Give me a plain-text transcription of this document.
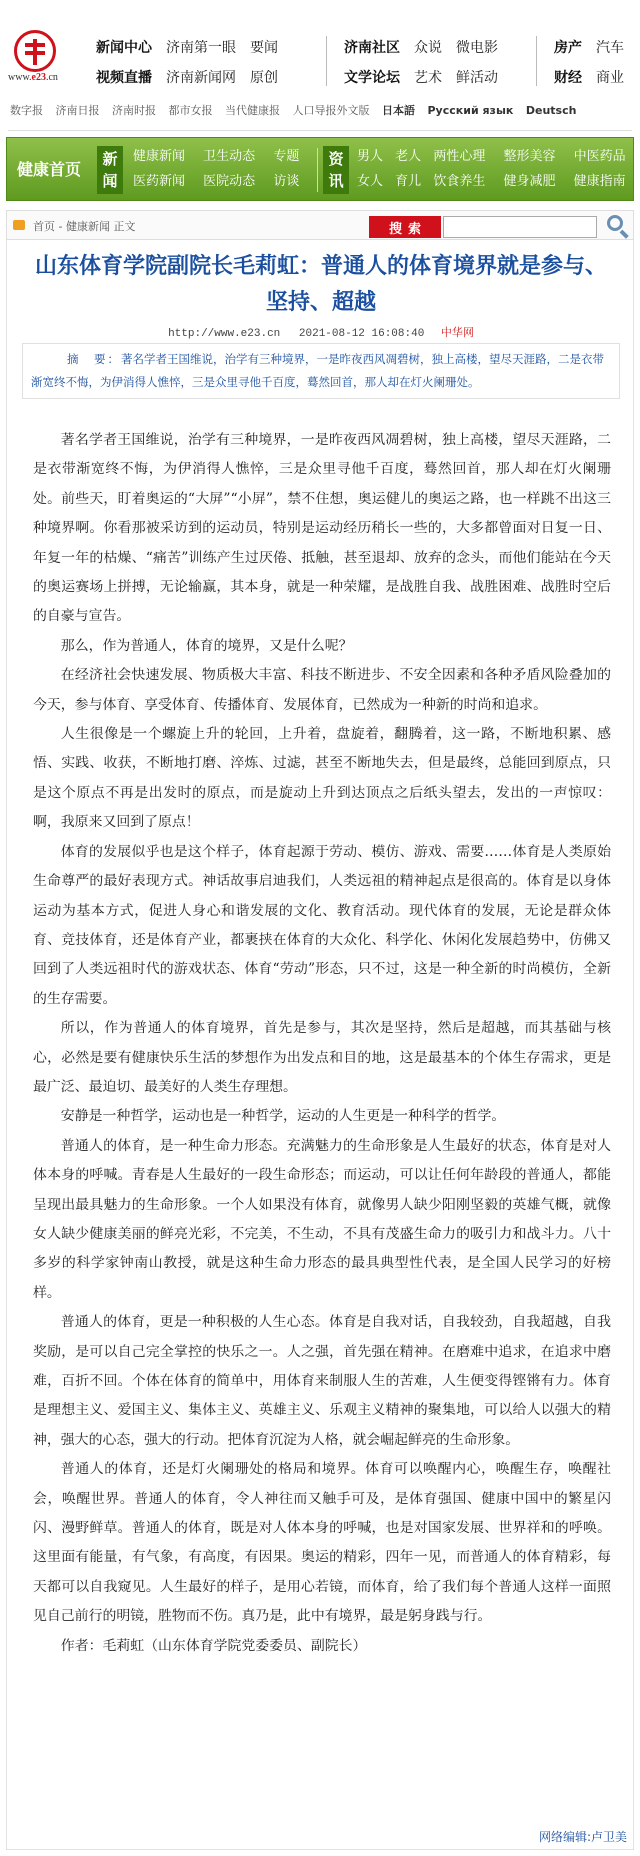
www.e23.cn
新闻中心 济南第一眼 要闻
视频直播 济南新闻网 原创
济南社区 众说 微电影
文学论坛 艺术 鲜活动
房产 汽车
财经 商业
数字报 济南日报 济南时报 都市女报 当代健康报 人口导报外文版 日本語 Русский язык Deutsch
健康首页
新闻
健康新闻 卫生动态 专题
医药新闻 医院动态 访谈
资讯
男人 老人 两性心理 整形美容 中医药品
女人 育儿 饮食养生 健身减肥 健康指南
首页 - 健康新闻 正文	搜索
山东体育学院副院长毛莉虹：普通人的体育境界就是参与、坚持、超越
http://www.e23.cn 2021-08-12 16:08:40 中华网
摘　要：著名学者王国维说，治学有三种境界，一是昨夜西风凋碧树，独上高楼，望尽天涯路，二是衣带渐宽终不悔，为伊消得人憔悴，三是众里寻他千百度，蓦然回首，那人却在灯火阑珊处。

著名学者王国维说，治学有三种境界，一是昨夜西风凋碧树，独上高楼，望尽天涯路，二是衣带渐宽终不悔，为伊消得人憔悴，三是众里寻他千百度，蓦然回首，那人却在灯火阑珊处。前些天，盯着奥运的“大屏”“小屏”，禁不住想，奥运健儿的奥运之路，也一样跳不出这三种境界啊。你看那被采访到的运动员，特别是运动经历稍长一些的，大多都曾面对日复一日、年复一年的枯燥、“痛苦”训练产生过厌倦、抵触，甚至退却、放弃的念头，而他们能站在今天的奥运赛场上拼搏，无论输赢，其本身，就是一种荣耀，是战胜自我、战胜困难、战胜时空后的自豪与宣告。

那么，作为普通人，体育的境界，又是什么呢？

在经济社会快速发展、物质极大丰富、科技不断进步、不安全因素和各种矛盾风险叠加的今天，参与体育、享受体育、传播体育、发展体育，已然成为一种新的时尚和追求。

人生很像是一个螺旋上升的轮回，上升着，盘旋着，翻腾着，这一路，不断地积累、感悟、实践、收获，不断地打磨、淬炼、过滤，甚至不断地失去，但是最终，总能回到原点，只是这个原点不再是出发时的原点，而是旋动上升到达顶点之后纸头望去，发出的一声惊叹：啊，我原来又回到了原点！

体育的发展似乎也是这个样子，体育起源于劳动、模仿、游戏、需要……体育是人类原始生命尊严的最好表现方式。神话故事启迪我们，人类远祖的精神起点是很高的。体育是以身体运动为基本方式，促进人身心和谐发展的文化、教育活动。现代体育的发展，无论是群众体育、竞技体育，还是体育产业，都裹挟在体育的大众化、科学化、休闲化发展趋势中，仿佛又回到了人类远祖时代的游戏状态、体育“劳动”形态，只不过，这是一种全新的时尚模仿，全新的生存需要。

所以，作为普通人的体育境界，首先是参与，其次是坚持，然后是超越，而其基础与核心，必然是要有健康快乐生活的梦想作为出发点和目的地，这是最基本的个体生存需求，更是最广泛、最迫切、最美好的人类生存理想。

安静是一种哲学，运动也是一种哲学，运动的人生更是一种科学的哲学。

普通人的体育，是一种生命力形态。充满魅力的生命形象是人生最好的状态，体育是对人体本身的呼喊。青春是人生最好的一段生命形态；而运动，可以让任何年龄段的普通人，都能呈现出最具魅力的生命形象。一个人如果没有体育，就像男人缺少阳刚坚毅的英雄气概，就像女人缺少健康美丽的鲜亮光彩，不完美，不生动，不具有茂盛生命力的吸引力和战斗力。八十多岁的科学家钟南山教授，就是这种生命力形态的最具典型性代表，是全国人民学习的好榜样。

普通人的体育，更是一种积极的人生心态。体育是自我对话，自我较劲，自我超越，自我奖励，是可以自己完全掌控的快乐之一。人之强，首先强在精神。在磨难中追求，在追求中磨难，百折不回。个体在体育的简单中，用体育来制服人生的苦难，人生便变得铿锵有力。体育是理想主义、爱国主义、集体主义、英雄主义、乐观主义精神的聚集地，可以给人以强大的精神，强大的心态，强大的行动。把体育沉淀为人格，就会崛起鲜亮的生命形象。

普通人的体育，还是灯火阑珊处的格局和境界。体育可以唤醒内心，唤醒生存，唤醒社会，唤醒世界。普通人的体育，令人神往而又触手可及，是体育强国、健康中国中的繁星闪闪、漫野鲜草。普通人的体育，既是对人体本身的呼喊，也是对国家发展、世界祥和的呼唤。这里面有能量，有气象，有高度，有因果。奥运的精彩，四年一见，而普通人的体育精彩，每天都可以自我窥见。人生最好的样子，是用心若镜，而体育，给了我们每个普通人这样一面照见自己前行的明镜，胜物而不伤。真乃是，此中有境界，最是躬身践与行。

作者：毛莉虹（山东体育学院党委委员、副院长）

网络编辑:卢卫美
